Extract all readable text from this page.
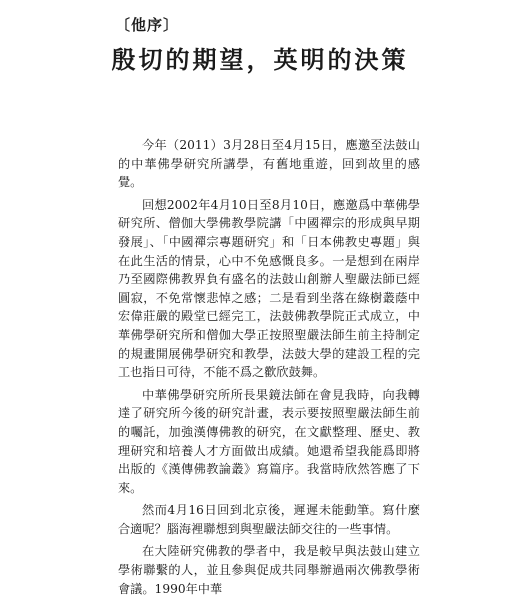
〔他序〕
殷切的期望，英明的決策

今年（2011）3月28日至4月15日，應邀至法鼓山的中華佛學研究所講學，有舊地重遊，回到故里的感覺。

回想2002年4月10日至8月10日，應邀爲中華佛學研究所、僧伽大學佛教學院講「中國禪宗的形成與早期發展」、「中國禪宗專題研究」和「日本佛教史專題」與在此生活的情景，心中不免感慨良多。一是想到在兩岸乃至國際佛教界負有盛名的法鼓山創辦人聖嚴法師已經圓寂，不免常懷悲悼之感；二是看到坐落在綠樹叢蔭中宏偉莊嚴的殿堂已經完工，法鼓佛教學院正式成立，中華佛學研究所和僧伽大學正按照聖嚴法師生前主持制定的規畫開展佛學研究和教學，法鼓大學的建設工程的完工也指日可待，不能不爲之歡欣鼓舞。

中華佛學研究所所長果鏡法師在會見我時，向我轉達了研究所今後的研究計畫，表示要按照聖嚴法師生前的囑託，加強漢傳佛教的研究，在文獻整理、歷史、教理研究和培養人才方面做出成績。她還希望我能爲即將出版的《漢傳佛教論叢》寫篇序。我當時欣然答應了下來。

然而4月16日回到北京後，遲遲未能動筆。寫什麼合適呢？腦海裡聯想到與聖嚴法師交往的一些事情。

在大陸研究佛教的學者中，我是較早與法鼓山建立學術聯繫的人，並且參與促成共同舉辦過兩次佛教學術會議。1990年中華
